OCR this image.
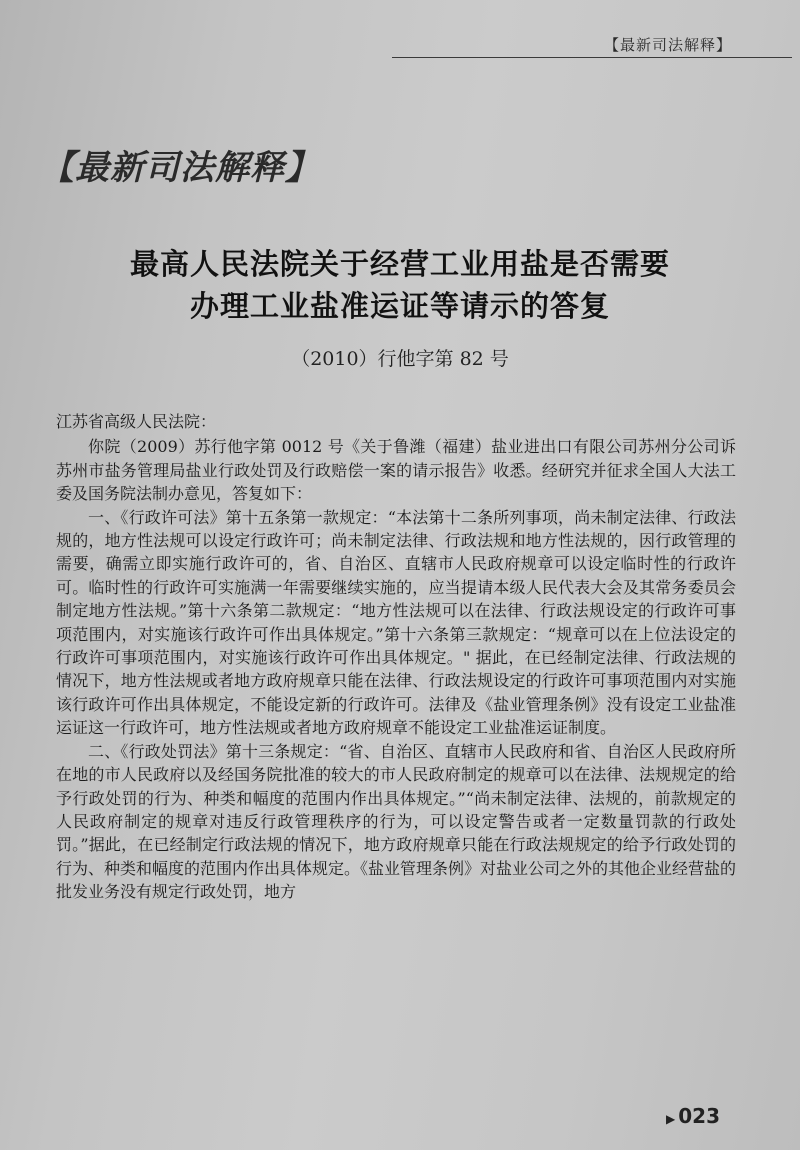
【最新司法解释】
【最新司法解释】
最高人民法院关于经营工业用盐是否需要
办理工业盐准运证等请示的答复
（2010）行他字第 82 号

江苏省高级人民法院：

你院（2009）苏行他字第 0012 号《关于鲁潍（福建）盐业进出口有限公司苏州分公司诉苏州市盐务管理局盐业行政处罚及行政赔偿一案的请示报告》收悉。经研究并征求全国人大法工委及国务院法制办意见，答复如下：

一、《行政许可法》第十五条第一款规定：“本法第十二条所列事项，尚未制定法律、行政法规的，地方性法规可以设定行政许可；尚未制定法律、行政法规和地方性法规的，因行政管理的需要，确需立即实施行政许可的，省、自治区、直辖市人民政府规章可以设定临时性的行政许可。临时性的行政许可实施满一年需要继续实施的，应当提请本级人民代表大会及其常务委员会制定地方性法规。”第十六条第二款规定：“地方性法规可以在法律、行政法规设定的行政许可事项范围内，对实施该行政许可作出具体规定。”第十六条第三款规定：“规章可以在上位法设定的行政许可事项范围内，对实施该行政许可作出具体规定。" 据此，在已经制定法律、行政法规的情况下，地方性法规或者地方政府规章只能在法律、行政法规设定的行政许可事项范围内对实施该行政许可作出具体规定，不能设定新的行政许可。法律及《盐业管理条例》没有设定工业盐准运证这一行政许可，地方性法规或者地方政府规章不能设定工业盐准运证制度。

二、《行政处罚法》第十三条规定：“省、自治区、直辖市人民政府和省、自治区人民政府所在地的市人民政府以及经国务院批准的较大的市人民政府制定的规章可以在法律、法规规定的给予行政处罚的行为、种类和幅度的范围内作出具体规定。”“尚未制定法律、法规的，前款规定的人民政府制定的规章对违反行政管理秩序的行为，可以设定警告或者一定数量罚款的行政处罚。”据此，在已经制定行政法规的情况下，地方政府规章只能在行政法规规定的给予行政处罚的行为、种类和幅度的范围内作出具体规定。《盐业管理条例》对盐业公司之外的其他企业经营盐的批发业务没有规定行政处罚，地方

▶ 023
